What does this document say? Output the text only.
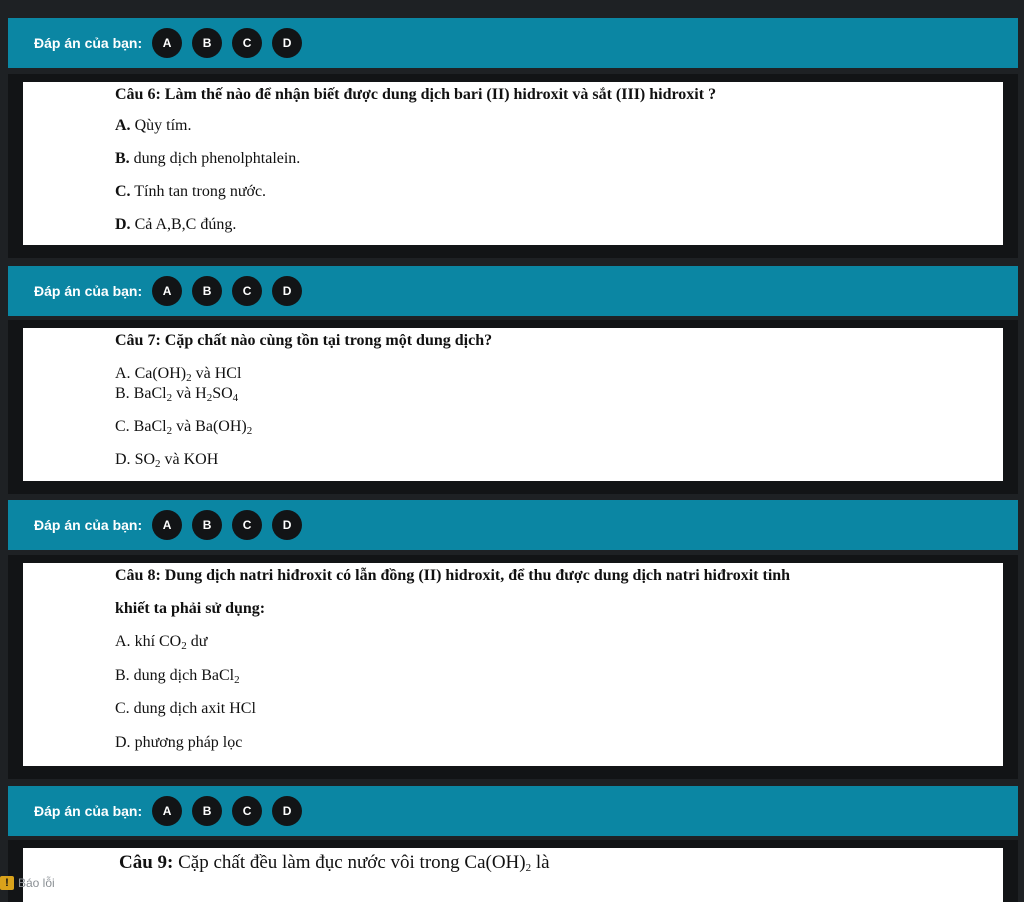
Đáp án của bạn:	A	B	C	D
Câu 6: Làm thế nào để nhận biết được dung dịch bari (II) hidroxit và sắt (III) hidroxit ?
A. Qùy tím.
B. dung dịch phenolphtalein.
C. Tính tan trong nước.
D. Cả A,B,C đúng.
Đáp án của bạn:	A	B	C	D
Câu 7: Cặp chất nào cùng tồn tại trong một dung dịch?
A. $Ca(OH)_2$ và HCl
B. BaCl$_2$ và $H_2SO_4$
C. BaCl$_2$ và $Ba(OH)_2$
D. $SO_2$ và KOH
Đáp án của bạn:	A	B	C	D
Câu 8: Dung dịch natri hiđroxit có lẫn đồng (II) hidroxit, để thu được dung dịch natri hiđroxit tinh
khiết ta phải sử dụng:
A. khí $CO_2$ dư
B. dung dịch BaCl$_2$
C. dung dịch axit HCl
D. phương pháp lọc
Đáp án của bạn:	A	B	C	D
Câu 9: Cặp chất đều làm đục nước vôi trong $Ca(OH)_2$ là
! Báo lỗi
